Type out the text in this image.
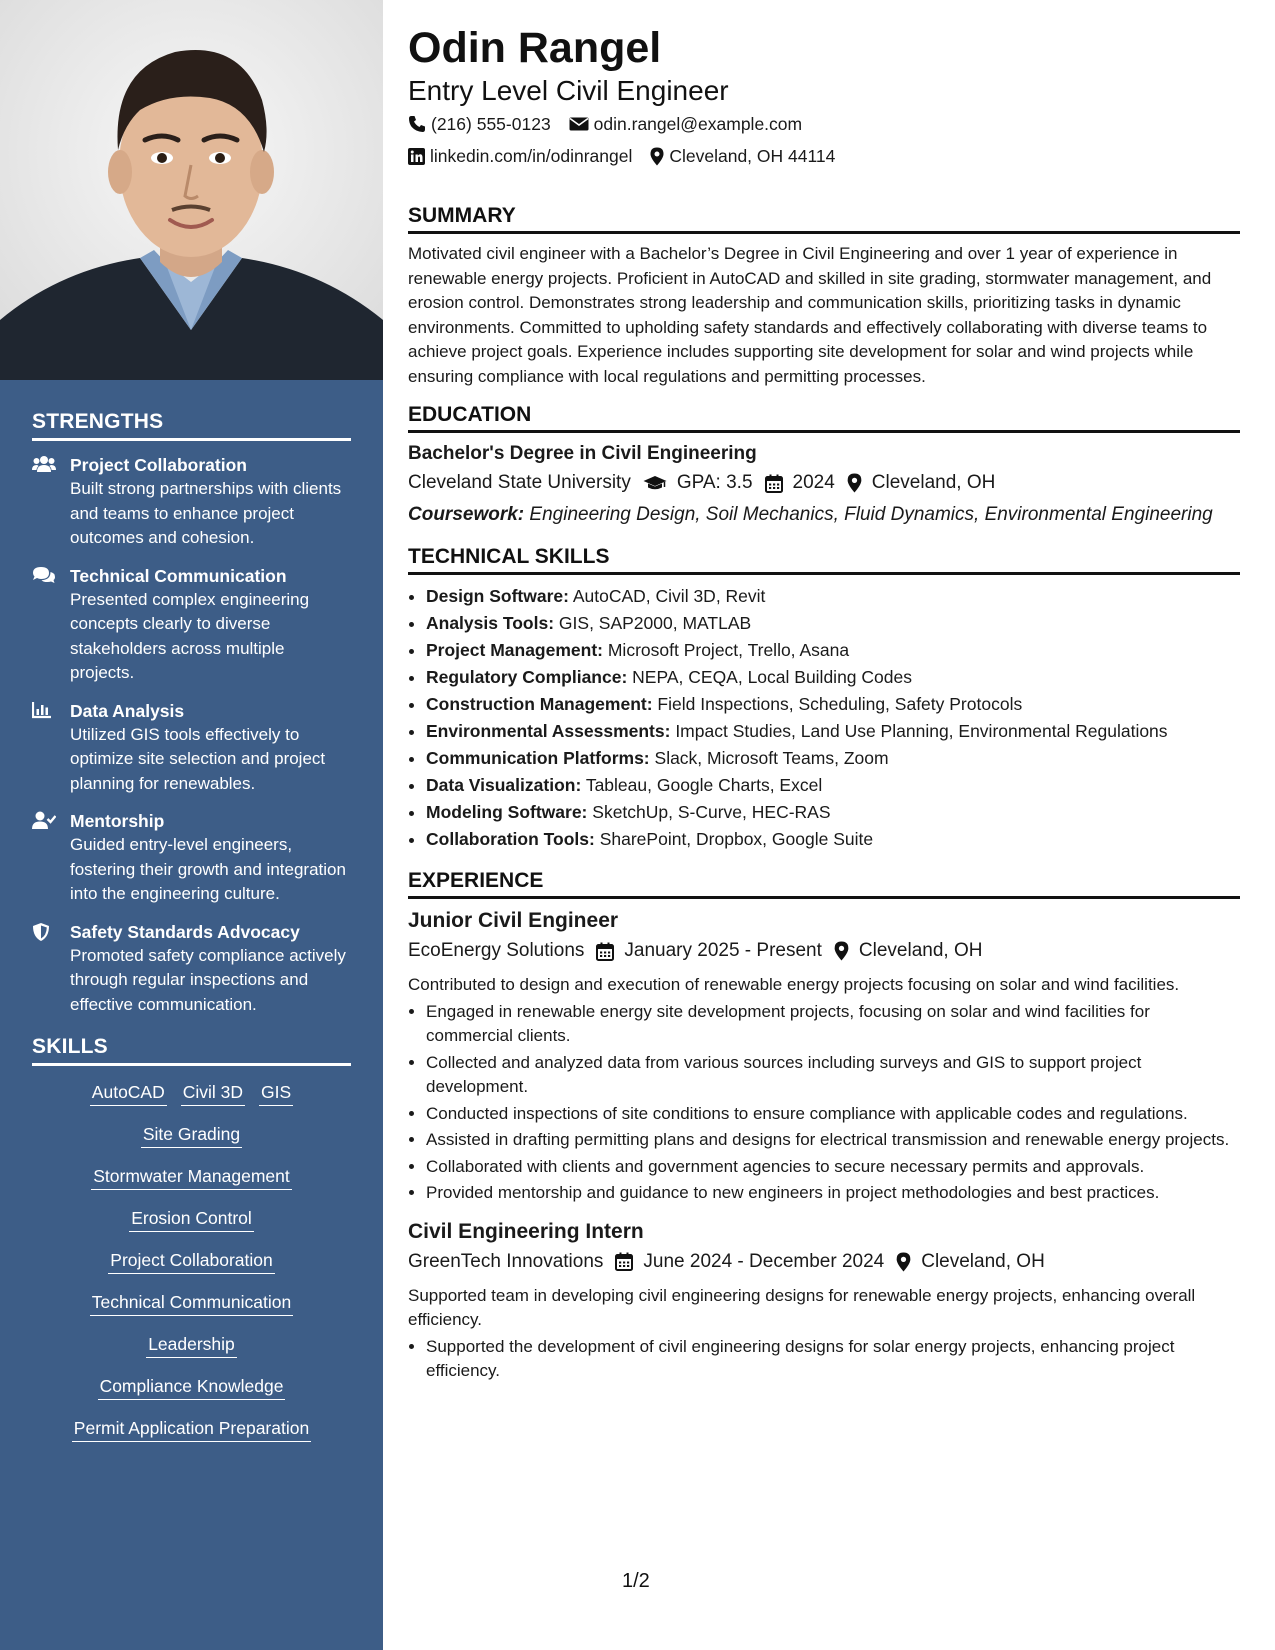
STRENGTHS
Project Collaboration
Built strong partnerships with clients and teams to enhance project outcomes and cohesion.
Technical Communication
Presented complex engineering concepts clearly to diverse stakeholders across multiple projects.
Data Analysis
Utilized GIS tools effectively to optimize site selection and project planning for renewables.
Mentorship
Guided entry-level engineers, fostering their growth and integration into the engineering culture.
Safety Standards Advocacy
Promoted safety compliance actively through regular inspections and effective communication.
SKILLS
AutoCAD Civil 3D GIS
Site Grading
Stormwater Management
Erosion Control
Project Collaboration
Technical Communication
Leadership
Compliance Knowledge
Permit Application Preparation
Odin Rangel
Entry Level Civil Engineer
(216) 555-0123 odin.rangel@example.com
linkedin.com/in/odinrangel Cleveland, OH 44114
SUMMARY

Motivated civil engineer with a Bachelor’s Degree in Civil Engineering and over 1 year of experience in renewable energy projects. Proficient in AutoCAD and skilled in site grading, stormwater management, and erosion control. Demonstrates strong leadership and communication skills, prioritizing tasks in dynamic environments. Committed to upholding safety standards and effectively collaborating with diverse teams to achieve project goals. Experience includes supporting site development for solar and wind projects while ensuring compliance with local regulations and permitting processes.

EDUCATION
Bachelor's Degree in Civil Engineering
Cleveland State University GPA: 3.5 2024 Cleveland, OH
Coursework: Engineering Design, Soil Mechanics, Fluid Dynamics, Environmental Engineering
TECHNICAL SKILLS
• Design Software: AutoCAD, Civil 3D, Revit
• Analysis Tools: GIS, SAP2000, MATLAB
• Project Management: Microsoft Project, Trello, Asana
• Regulatory Compliance: NEPA, CEQA, Local Building Codes
• Construction Management: Field Inspections, Scheduling, Safety Protocols
• Environmental Assessments: Impact Studies, Land Use Planning, Environmental Regulations
• Communication Platforms: Slack, Microsoft Teams, Zoom
• Data Visualization: Tableau, Google Charts, Excel
• Modeling Software: SketchUp, S-Curve, HEC-RAS
• Collaboration Tools: SharePoint, Dropbox, Google Suite
EXPERIENCE
Junior Civil Engineer
EcoEnergy Solutions January 2025 - Present Cleveland, OH

Contributed to design and execution of renewable energy projects focusing on solar and wind facilities.

• Engaged in renewable energy site development projects, focusing on solar and wind facilities for commercial clients.
• Collected and analyzed data from various sources including surveys and GIS to support project development.
• Conducted inspections of site conditions to ensure compliance with applicable codes and regulations.
• Assisted in drafting permitting plans and designs for electrical transmission and renewable energy projects.
• Collaborated with clients and government agencies to secure necessary permits and approvals.
• Provided mentorship and guidance to new engineers in project methodologies and best practices.
Civil Engineering Intern
GreenTech Innovations June 2024 - December 2024 Cleveland, OH

Supported team in developing civil engineering designs for renewable energy projects, enhancing overall efficiency.

• Supported the development of civil engineering designs for solar energy projects, enhancing project efficiency.
1/2
